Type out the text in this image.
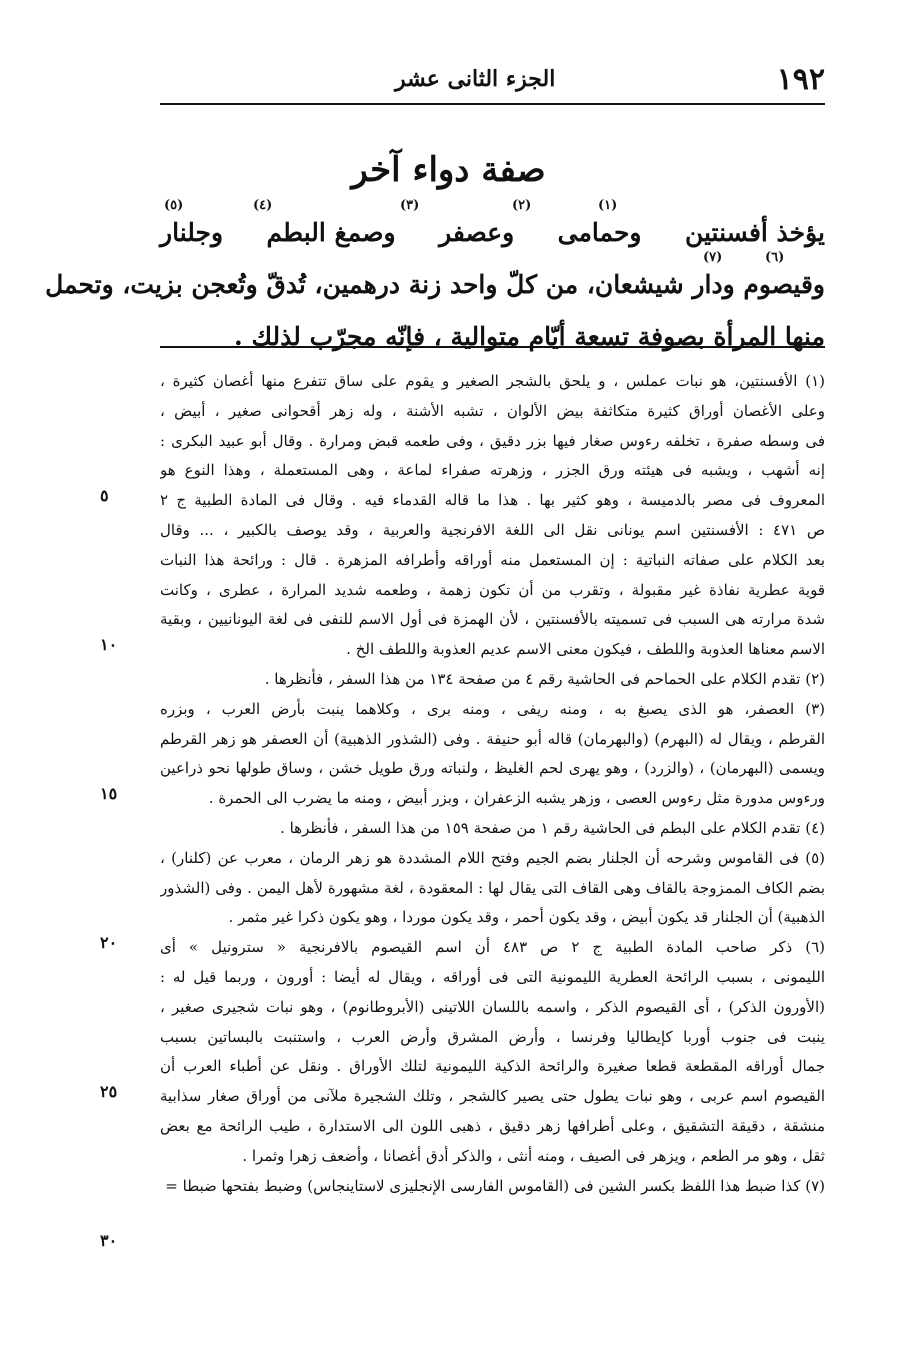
١٩٢
الجزء الثانى عشر
صفة دواء آخر
(١)
(٢)
(٣)
(٤)
(٥)
(٦)
(٧)
يؤخذ أفسنتين
وحمامى
وعصفر
وصمغ البطم
وجلنار
وقيصوم ودار شيشعان، من كلّ واحد زنة درهمين، تُدقّ وتُعجن بزيت، وتحمل
منها المرأة بصوفة تسعة أيّام متوالية ، فإنّه مجرّب لذلك .
(١) الأفسنتين، هو نبات عملس ، و يلحق بالشجر الصغير و يقوم على ساق تتفرع منها أغصان كثيرة ،
وعلى الأغصان أوراق كثيرة متكاثفة بيض الألوان ، تشبه الأشنة ، وله زهر أقحوانى صغير ، أبيض ،
فى وسطه صفرة ، تخلفه رءوس صغار فيها بزر دقيق ، وفى طعمه قبض ومرارة . وقال أبو عبيد البكرى :
إنه أشهب ، ويشبه فى هيئته ورق الجزر ، وزهرته صفراء لماعة ، وهى المستعملة ، وهذا النوع هو
المعروف فى مصر بالدميسة ، وهو كثير بها . هذا ما قاله القدماء فيه . وقال فى المادة الطبية ج ٢
ص ٤٧١ : الأفسنتين اسم يونانى نقل الى اللغة الافرنجية والعربية ، وقد يوصف بالكبير ، ... وقال
بعد الكلام على صفاته النباتية : إن المستعمل منه أوراقه وأطرافه المزهرة . قال : ورائحة هذا النبات
قوية عطرية نفاذة غير مقبولة ، وتقرب من أن تكون زهمة ، وطعمه شديد المرارة ، عطرى ، وكانت
شدة مرارته هى السبب فى تسميته بالأفسنتين ، لأن الهمزة فى أول الاسم للنفى فى لغة اليونانيين ، وبقية
الاسم معناها العذوبة واللطف ، فيكون معنى الاسم عديم العذوبة واللطف الخ .
(٢) تقدم الكلام على الحماحم فى الحاشية رقم ٤ من صفحة ١٣٤ من هذا السفر ، فأنظرها .
(٣) العصفر، هو الذى يصبغ به ، ومنه ريفى ، ومنه برى ، وكلاهما ينبت بأرض العرب ، وبزره
القرطم ، ويقال له (البهرم) (والبهرمان) قاله أبو حنيفة . وفى (الشذور الذهبية) أن العصفر هو زهر القرطم
ويسمى (البهرمان) ، (والزرد) ، وهو يهرى لحم الغليظ ، ولنباته ورق طويل خشن ، وساق طولها نحو ذراعين
ورءوس مدورة مثل رءوس العصى ، وزهر يشبه الزعفران ، وبزر أبيض ، ومنه ما يضرب الى الحمرة .
(٤) تقدم الكلام على البطم فى الحاشية رقم ١ من صفحة ١٥٩ من هذا السفر ، فأنظرها .
(٥) فى القاموس وشرحه أن الجلنار بضم الجيم وفتح اللام المشددة هو زهر الرمان ، معرب عن (كلنار) ،
بضم الكاف الممزوجة بالقاف وهى القاف التى يقال لها : المعقودة ، لغة مشهورة لأهل اليمن . وفى (الشذور
الذهبية) أن الجلنار قد يكون أبيض ، وقد يكون أحمر ، وقد يكون موردا ، وهو يكون ذكرا غير مثمر .
(٦) ذكر صاحب المادة الطبية ج ٢ ص ٤٨٣ أن اسم القيصوم بالافرنجية « سترونيل » أى
الليمونى ، بسبب الرائحة العطرية الليمونية التى فى أوراقه ، ويقال له أيضا : أورون ، وربما قيل له :
(الأورون الذكر) ، أى القيصوم الذكر ، واسمه باللسان اللاتينى (الأبروطانوم) ، وهو نبات شجيرى صغير ،
ينبت فى جنوب أوربا كإيطاليا وفرنسا ، وأرض المشرق وأرض العرب ، واستنبت بالبساتين بسبب
جمال أوراقه المقطعة قطعا صغيرة والرائحة الذكية الليمونية لتلك الأوراق . ونقل عن أطباء العرب أن
القيصوم اسم عربى ، وهو نبات يطول حتى يصير كالشجر ، وتلك الشجيرة ملآنى من أوراق صغار سذابية
منشقة ، دقيقة التشقيق ، وعلى أطرافها زهر دقيق ، ذهبى اللون الى الاستدارة ، طيب الرائحة مع بعض
ثقل ، وهو مر الطعم ، ويزهر فى الصيف ، ومنه أنثى ، والذكر أدق أغصانا ، وأضعف زهرا وثمرا .
(٧) كذا ضبط هذا اللفظ بكسر الشين فى (القاموس الفارسى الإنجليزى لاستاينجاس) وضبط بفتحها ضبطا =
٥
١٠
١٥
٢٠
٢٥
٣٠
